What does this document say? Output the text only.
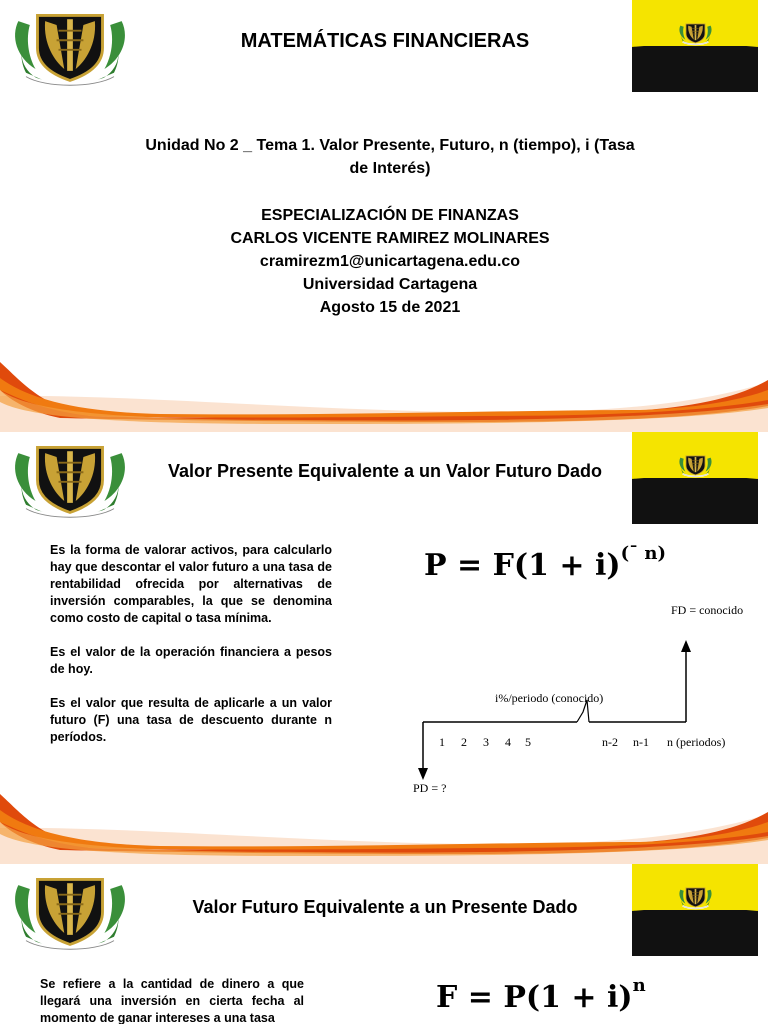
MATEMÁTICAS FINANCIERAS
Unidad No 2 _ Tema 1. Valor Presente, Futuro, n (tiempo), i (Tasa
de Interés)
ESPECIALIZACIÓN DE FINANZAS
CARLOS VICENTE RAMIREZ MOLINARES
cramirezm1@unicartagena.edu.co
Universidad Cartagena
Agosto 15 de 2021
Valor Presente Equivalente a un Valor Futuro Dado

Es la forma de valorar activos, para calcularlo hay que descontar el valor futuro a una tasa de rentabilidad ofrecida por alternativas de inversión comparables, la que se denomina como costo de capital o tasa mínima.

Es el valor de la operación financiera a pesos de hoy.

Es el valor que resulta de aplicarle a un valor futuro (F) una tasa de descuento durante n períodos.

$P = F(1 + i)^{(¯ n)}$
FD = conocido
i%/periodo (conocido)
1 2 3 4 5	n-2 n-1 n (periodos)
PD = ?
Valor Futuro Equivalente a un Presente Dado

Se refiere a la cantidad de dinero a que llegará una inversión en cierta fecha al momento de ganar intereses a una tasa

$F = P(1 + i)^n$
